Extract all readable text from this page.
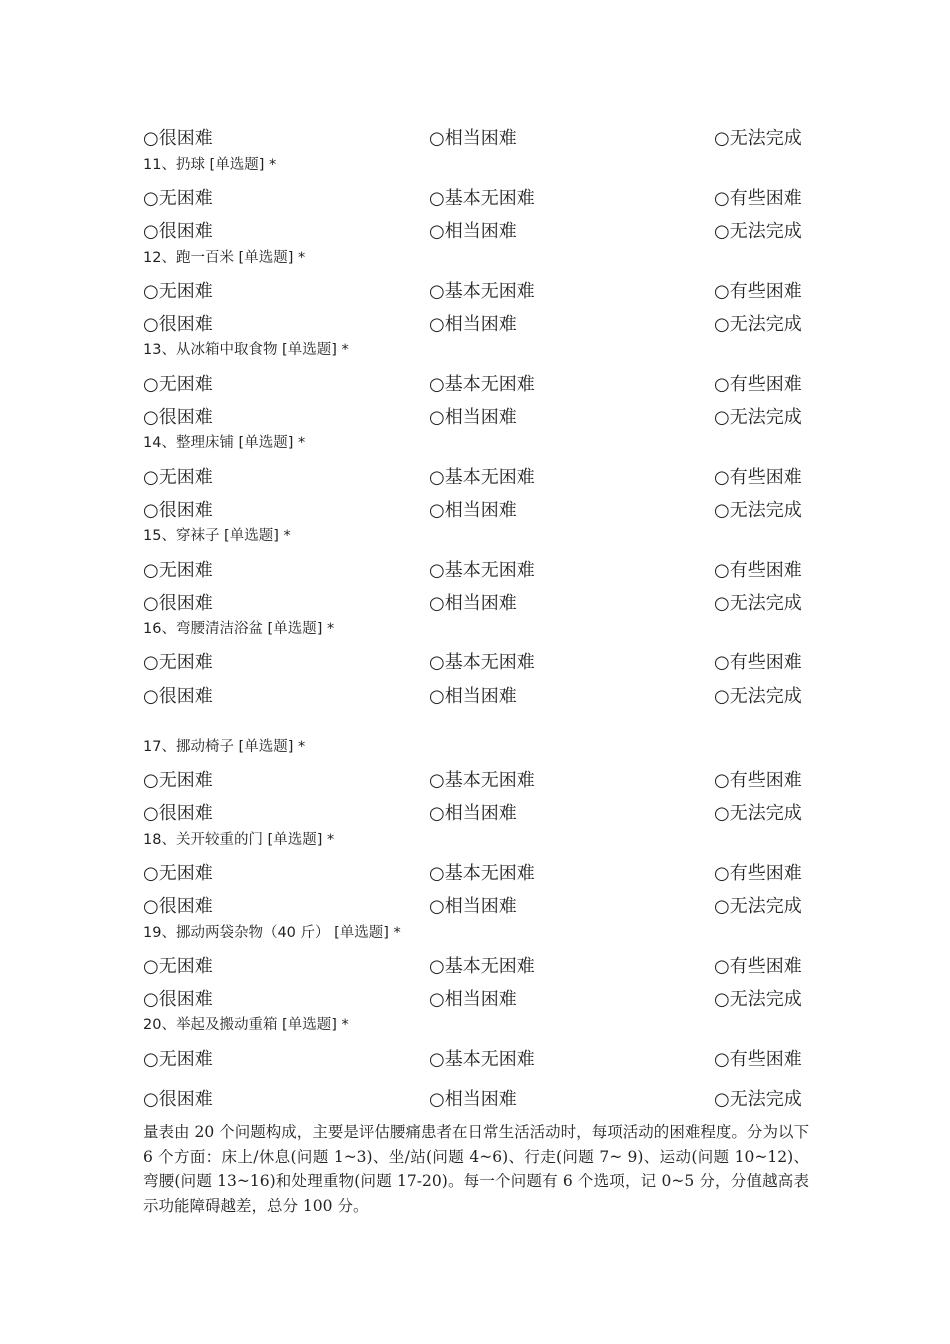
○很困难	○相当困难	○无法完成
11、扔球 [单选题] *
○无困难	○基本无困难	○有些困难
○很困难	○相当困难	○无法完成
12、跑一百米 [单选题] *
○无困难	○基本无困难	○有些困难
○很困难	○相当困难	○无法完成
13、从冰箱中取食物 [单选题] *
○无困难	○基本无困难	○有些困难
○很困难	○相当困难	○无法完成
14、整理床铺 [单选题] *
○无困难	○基本无困难	○有些困难
○很困难	○相当困难	○无法完成
15、穿袜子 [单选题] *
○无困难	○基本无困难	○有些困难
○很困难	○相当困难	○无法完成
16、弯腰清洁浴盆 [单选题] *
○无困难	○基本无困难	○有些困难
○很困难	○相当困难	○无法完成
17、挪动椅子 [单选题] *
○无困难	○基本无困难	○有些困难
○很困难	○相当困难	○无法完成
18、关开较重的门 [单选题] *
○无困难	○基本无困难	○有些困难
○很困难	○相当困难	○无法完成
19、挪动两袋杂物（40 斤） [单选题] *
○无困难	○基本无困难	○有些困难
○很困难	○相当困难	○无法完成
20、举起及搬动重箱 [单选题] *
○无困难	○基本无困难	○有些困难
○很困难	○相当困难	○无法完成
量表由 20 个问题构成，主要是评估腰痛患者在日常生活活动时，每项活动的困难程度。分为以下 6 个方面：床上/休息(问题 1~3)、坐/站(问题 4~6)、行走(问题 7~ 9)、运动(问题 10~12)、弯腰(问题 13~16)和处理重物(问题 17-20)。每一个问题有 6 个选项，记 0~5 分，分值越高表示功能障碍越差，总分 100 分。
